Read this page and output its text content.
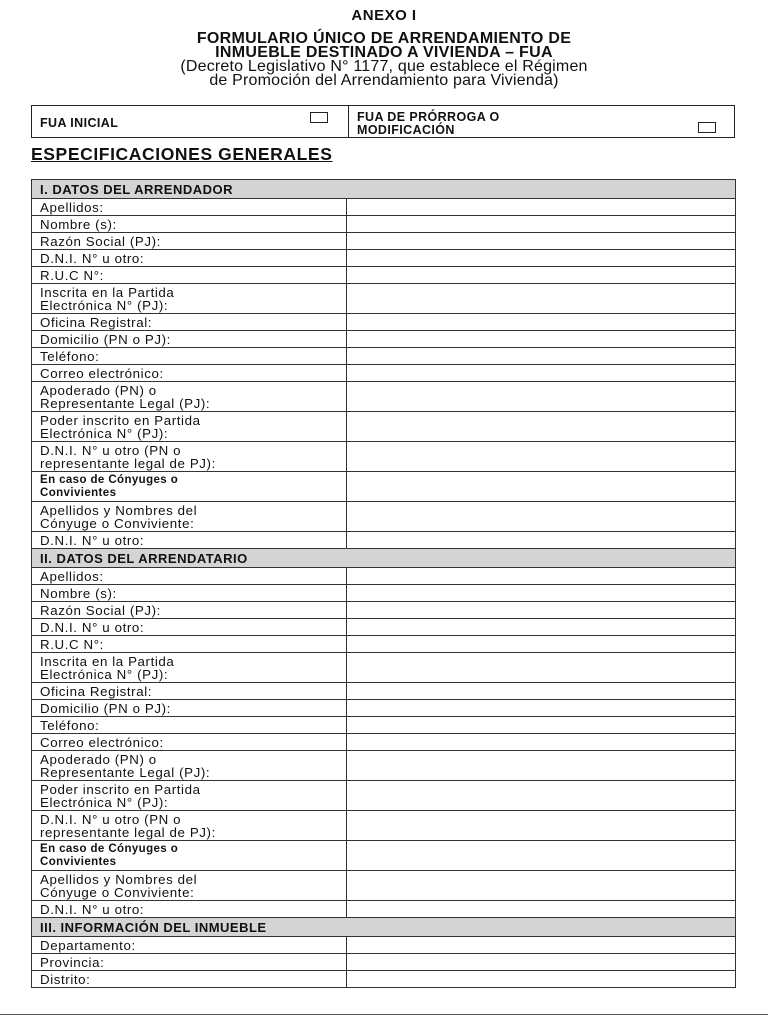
ANEXO I
FORMULARIO ÚNICO DE ARRENDAMIENTO DE
INMUEBLE DESTINADO A VIVIENDA – FUA
(Decreto Legislativo N° 1177, que establece el Régimen
de Promoción del Arrendamiento para Vivienda)
FUA INICIAL	FUA DE PRÓRROGA O
MODIFICACIÓN
ESPECIFICACIONES GENERALES
I. DATOS DEL ARRENDADOR	

Apellidos:	

Nombre (s):	

Razón Social (PJ):	

D.N.I. N° u otro:	

R.U.C N°:	

Inscrita en la Partida
Electrónica N° (PJ):	

Oficina Registral:	

Domicilio (PN o PJ):	

Teléfono:	

Correo electrónico:	

Apoderado (PN) o
Representante Legal (PJ):	

Poder inscrito en Partida
Electrónica N° (PJ):	

D.N.I. N° u otro (PN o
representante legal de PJ):	

En caso de Cónyuges o
Convivientes	

Apellidos y Nombres del
Cónyuge o Conviviente:	

D.N.I. N° u otro:	

II. DATOS DEL ARRENDATARIO	

Apellidos:	

Nombre (s):	

Razón Social (PJ):	

D.N.I. N° u otro:	

R.U.C N°:	

Inscrita en la Partida
Electrónica N° (PJ):	

Oficina Registral:	

Domicilio (PN o PJ):	

Teléfono:	

Correo electrónico:	

Apoderado (PN) o
Representante Legal (PJ):	

Poder inscrito en Partida
Electrónica N° (PJ):	

D.N.I. N° u otro (PN o
representante legal de PJ):	

En caso de Cónyuges o
Convivientes	

Apellidos y Nombres del
Cónyuge o Conviviente:	

D.N.I. N° u otro:	

III. INFORMACIÓN DEL INMUEBLE	

Departamento:	

Provincia:	

Distrito:	
